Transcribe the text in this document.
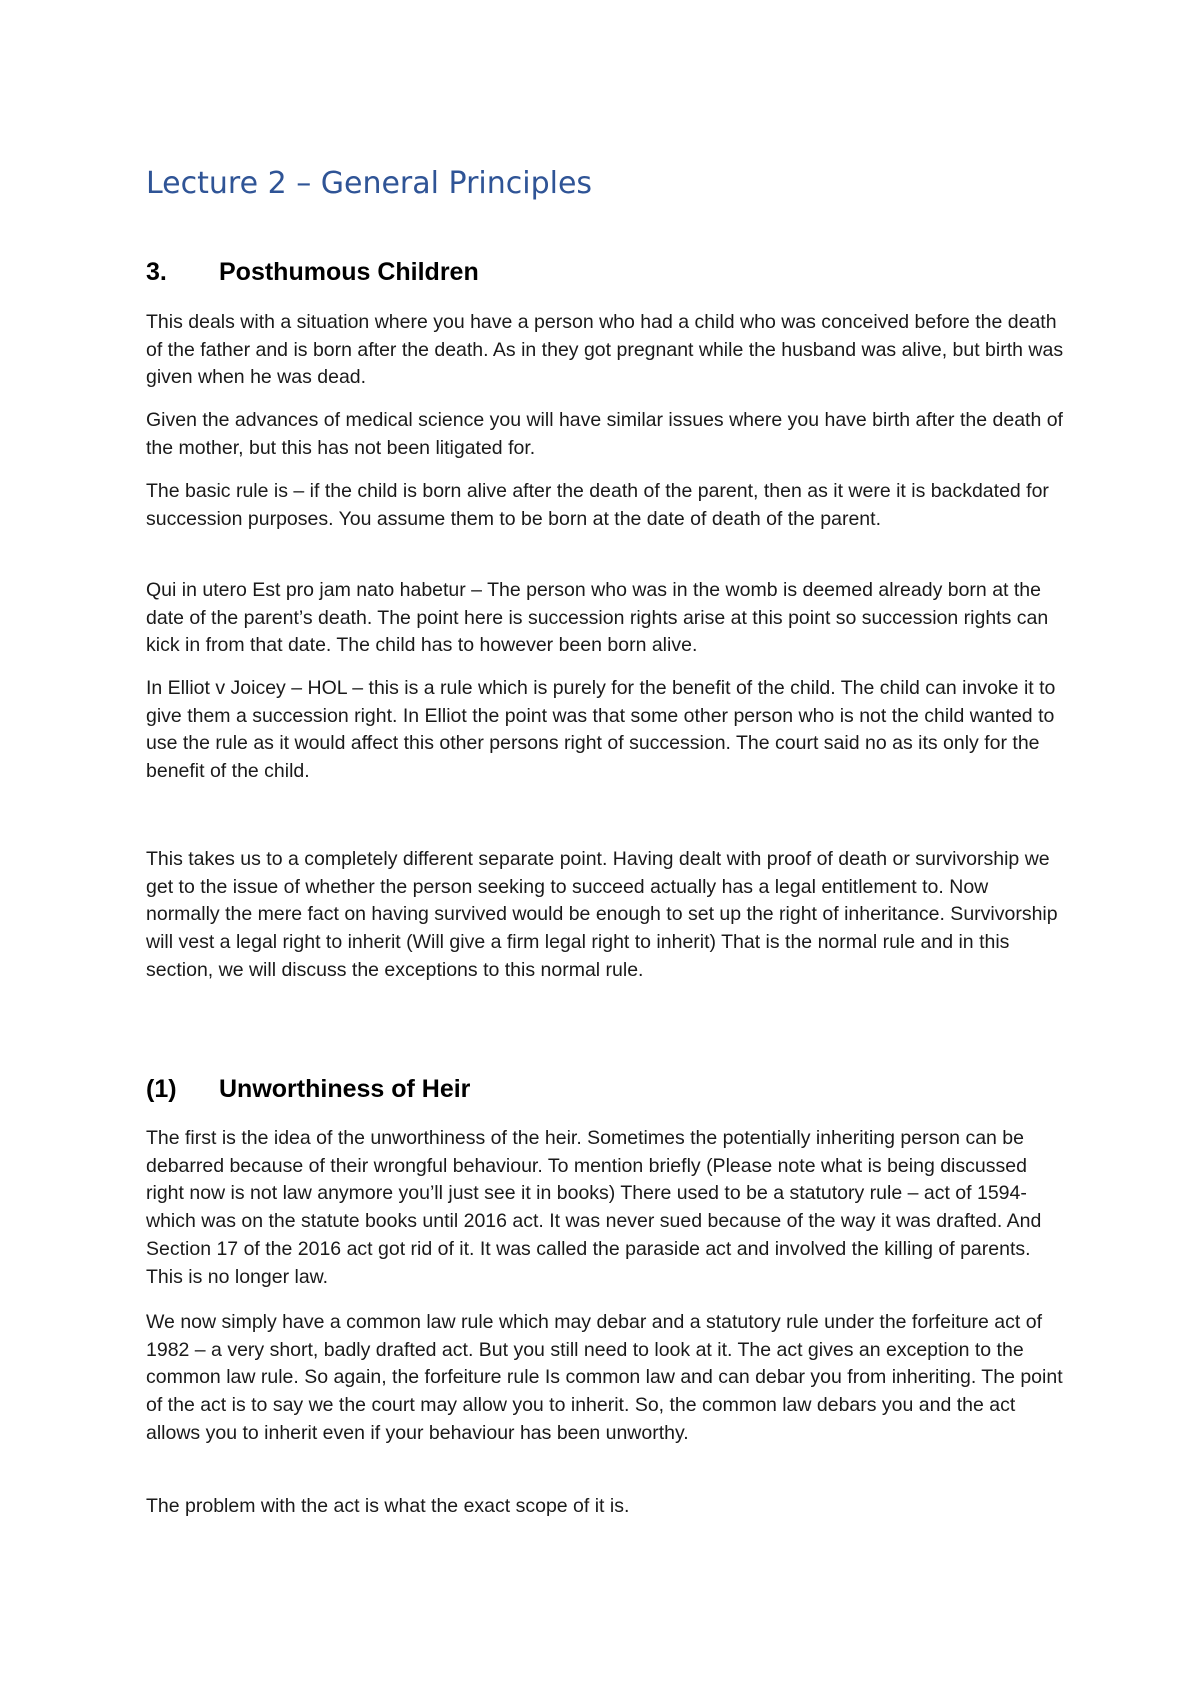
Lecture 2 – General Principles
3. Posthumous Children

This deals with a situation where you have a person who had a child who was conceived before the death of the father and is born after the death. As in they got pregnant while the husband was alive, but birth was given when he was dead.

Given the advances of medical science you will have similar issues where you have birth after the death of the mother, but this has not been litigated for.

The basic rule is – if the child is born alive after the death of the parent, then as it were it is backdated for succession purposes. You assume them to be born at the date of death of the parent.

Qui in utero Est pro jam nato habetur – The person who was in the womb is deemed already born at the date of the parent’s death. The point here is succession rights arise at this point so succession rights can kick in from that date. The child has to however been born alive.

In Elliot v Joicey – HOL – this is a rule which is purely for the benefit of the child. The child can invoke it to give them a succession right. In Elliot the point was that some other person who is not the child wanted to use the rule as it would affect this other persons right of succession. The court said no as its only for the benefit of the child.

This takes us to a completely different separate point. Having dealt with proof of death or survivorship we get to the issue of whether the person seeking to succeed actually has a legal entitlement to. Now normally the mere fact on having survived would be enough to set up the right of inheritance. Survivorship will vest a legal right to inherit (Will give a firm legal right to inherit) That is the normal rule and in this section, we will discuss the exceptions to this normal rule.

(1) Unworthiness of Heir

The first is the idea of the unworthiness of the heir. Sometimes the potentially inheriting person can be debarred because of their wrongful behaviour. To mention briefly (Please note what is being discussed right now is not law anymore you’ll just see it in books) There used to be a statutory rule – act of 1594- which was on the statute books until 2016 act. It was never sued because of the way it was drafted. And Section 17 of the 2016 act got rid of it. It was called the paraside act and involved the killing of parents. This is no longer law.

We now simply have a common law rule which may debar and a statutory rule under the forfeiture act of 1982 – a very short, badly drafted act. But you still need to look at it. The act gives an exception to the common law rule. So again, the forfeiture rule Is common law and can debar you from inheriting. The point of the act is to say we the court may allow you to inherit. So, the common law debars you and the act allows you to inherit even if your behaviour has been unworthy.

The problem with the act is what the exact scope of it is.
